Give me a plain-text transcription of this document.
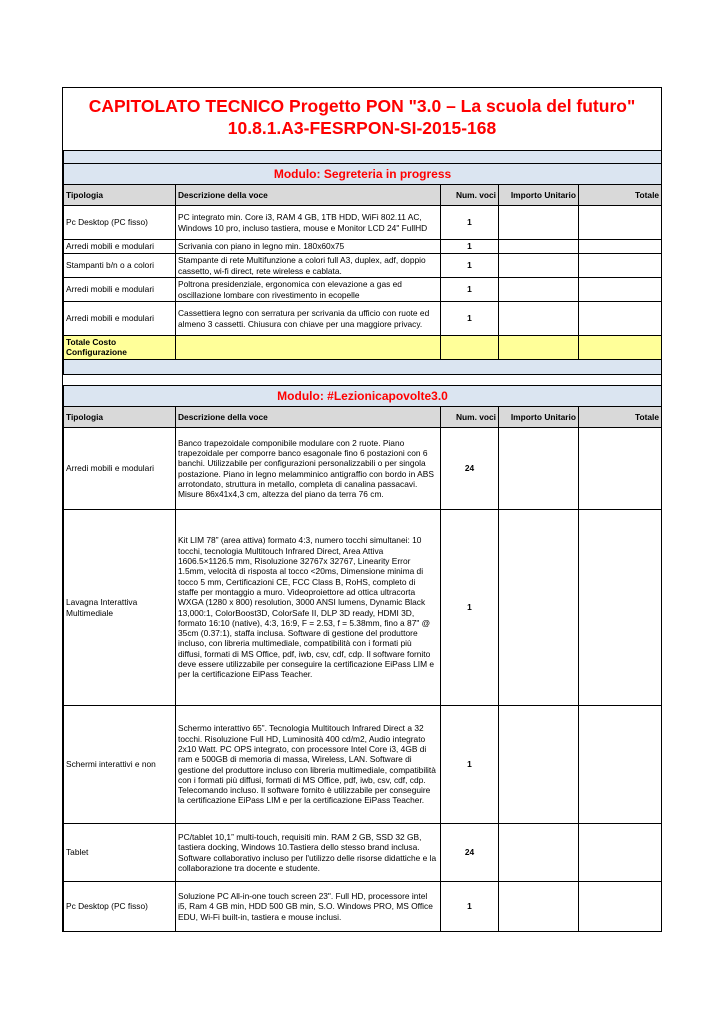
CAPITOLATO TECNICO Progetto PON "3.0 – La scuola del futuro"
10.8.1.A3-FESRPON-SI-2015-168

Modulo: Segreteria in progress				
Tipologia	Descrizione della voce	Num. voci	Importo Unitario	Totale
Pc Desktop (PC fisso)	PC integrato min. Core i3, RAM 4 GB, 1TB HDD, WiFi 802.11 AC, Windows 10 pro, incluso tastiera, mouse e Monitor LCD 24" FullHD	1		
Arredi mobili e modulari	Scrivania con piano in legno min. 180x60x75	1		
Stampanti b/n o a colori	Stampante di rete Multifunzione a colori full A3, duplex, adf, doppio cassetto, wi-fi direct, rete wireless e cablata.	1		
Arredi mobili e modulari	Poltrona presidenziale, ergonomica con elevazione a gas ed oscillazione lombare con rivestimento in ecopelle	1		
Arredi mobili e modulari	Cassettiera legno con serratura per scrivania da ufficio con ruote ed almeno 3 cassetti. Chiusura con chiave per una maggiore privacy.	1		
Totale Costo Configurazione				

Modulo: #Lezionicapovolte3.0				
Tipologia	Descrizione della voce	Num. voci	Importo Unitario	Totale
Arredi mobili e modulari	Banco trapezoidale componibile modulare con 2 ruote. Piano trapezoidale per comporre banco esagonale fino 6 postazioni con 6 banchi. Utilizzabile per configurazioni personalizzabili o per singola postazione. Piano in legno melamminico antigraffio con bordo in ABS arrotondato, struttura in metallo, completa di canalina passacavi. Misure 86x41x4,3 cm, altezza del piano da terra 76 cm.	24		
Lavagna Interattiva Multimediale	Kit LIM 78” (area attiva) formato 4:3, numero tocchi simultanei: 10 tocchi, tecnologia Multitouch Infrared Direct, Area Attiva 1606.5×1126.5 mm, Risoluzione 32767x 32767, Linearity Error 1.5mm, velocità di risposta al tocco <20ms, Dimensione minima di tocco 5 mm, Certificazioni CE, FCC Class B, RoHS, completo di staffe per montaggio a muro. Videoproiettore ad ottica ultracorta WXGA (1280 x 800) resolution, 3000 ANSI lumens, Dynamic Black 13,000:1, ColorBoost3D, ColorSafe II, DLP 3D ready, HDMI 3D, formato 16:10 (native), 4:3, 16:9, F = 2.53, f = 5.38mm, fino a 87" @ 35cm (0.37:1), staffa inclusa. Software di gestione del produttore incluso, con libreria multimediale, compatibilità con i formati più diffusi, formati di MS Office, pdf, iwb, csv, cdf, cdp. Il software fornito deve essere utilizzabile per conseguire la certificazione EiPass LIM e per la certificazione EiPass Teacher.	1		
Schermi interattivi e non	Schermo interattivo 65”. Tecnologia Multitouch Infrared Direct a 32 tocchi. Risoluzione Full HD, Luminosità 400 cd/m2, Audio integrato 2x10 Watt. PC OPS integrato, con processore Intel Core i3, 4GB di ram e 500GB di memoria di massa, Wireless, LAN. Software di gestione del produttore incluso con libreria multimediale, compatibilità con i formati più diffusi, formati di MS Office, pdf, iwb, csv, cdf, cdp. Telecomando incluso. Il software fornito è utilizzabile per conseguire la certificazione EiPass LIM e per la certificazione EiPass Teacher.	1		
Tablet	PC/tablet 10,1” multi-touch, requisiti min. RAM 2 GB, SSD 32 GB, tastiera docking, Windows 10.Tastiera dello stesso brand inclusa. Software collaborativo incluso per l'utilizzo delle risorse didattiche e la collaborazione tra docente e studente.	24		
Pc Desktop (PC fisso)	Soluzione PC All-in-one touch screen 23". Full HD, processore intel i5, Ram 4 GB min, HDD 500 GB min, S.O. Windows PRO, MS Office EDU, Wi-Fi built-in, tastiera e mouse inclusi.	1		
